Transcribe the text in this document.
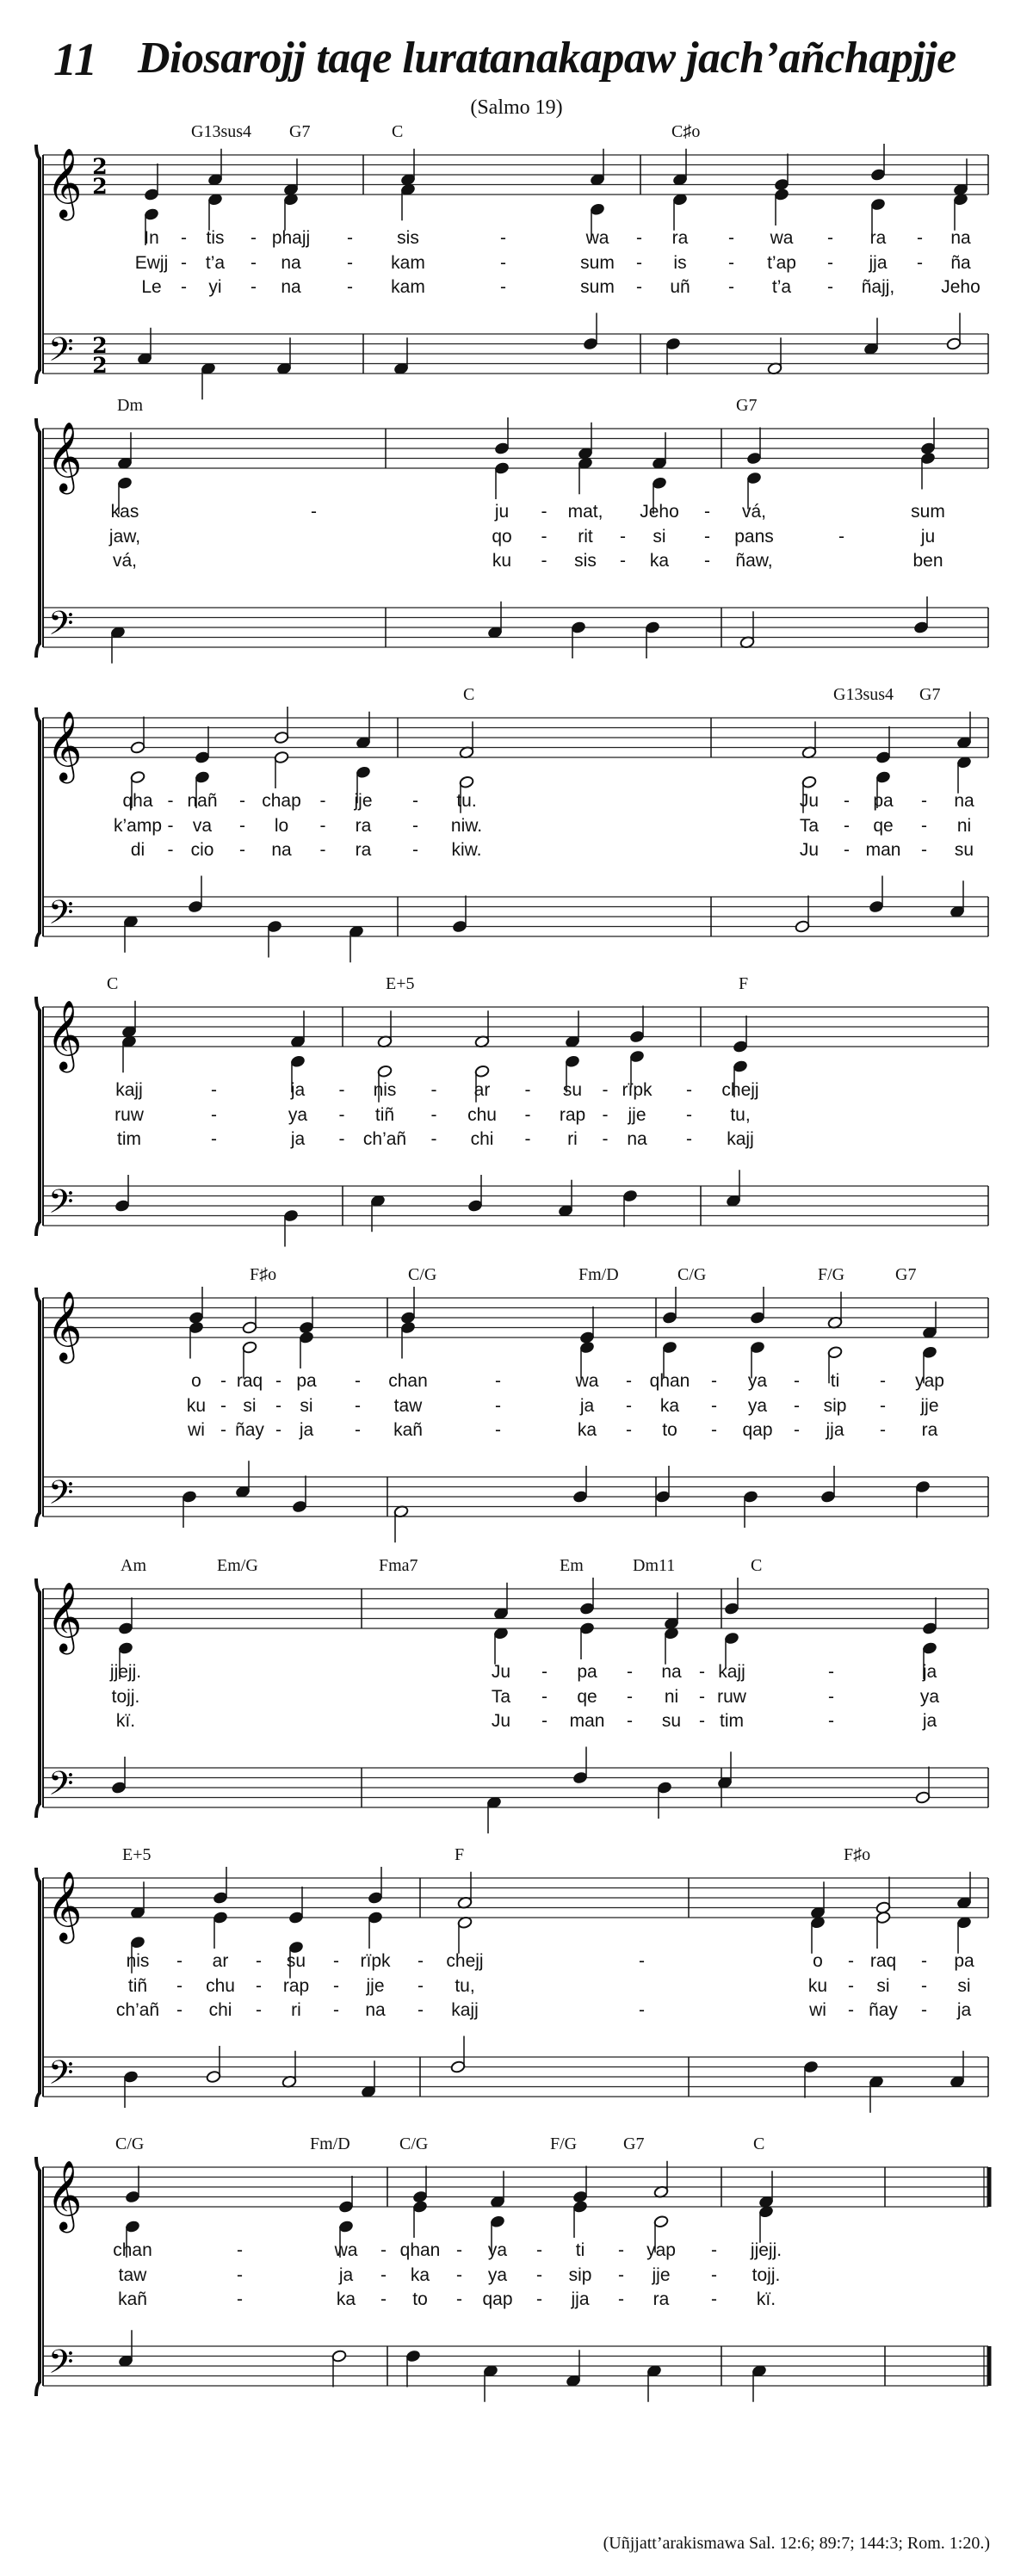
11 Diosarojj taqe luratanakapaw jach’añchapjje
(Salmo 19)
𝄞
𝄢
2
2
2
2
G13sus4 G7	C	C♯o
In - tis - phajj - sis	-	wa - ra - wa - ra - na
Ewjj - t’a - na	- kam	-	sum - is - t’ap - jja - ña
Le - yi - na	- kam	-	sum - uñ - t’a - ñajj,	Jeho
𝄞
𝄢
Dm	G7
kas	-	ju - mat, Jeho - vá,	sum
jaw,	qo - rit - si - pans	-	ju
vá,	ku - sis - ka - ñaw,	ben
𝄞
𝄢
C	G13sus4 G7
qha - nañ - chap - jje - tu.	Ju - pa - na
k’amp - va - lo - ra - niw.	Ta - qe - ni
di - cio - na - ra - kiw.	Ju - man - su
𝄞
𝄢
C	E+5	F
kajj	-	ja - nis - ar - su - rïpk - chejj
ruw	-	ya - tiñ - chu - rap - jje - tu,
tim	-	ja - ch’añ - chi - ri - na - kajj
𝄞
𝄢
F♯o	C/G	Fm/D	C/G	F/G	G7
o - raq - pa - chan	-	wa - qhan - ya - ti - yap
ku - si - si - taw	-	ja - ka - ya - sip - jje
wi - ñay - ja - kañ	-	ka - to - qap - jja - ra
𝄞
𝄢
Am	Em/G	Fma7	Em	Dm11	C
jjejj.	Ju - pa - na - kajj	-	ja
tojj.	Ta - qe - ni - ruw	-	ya
kï.	Ju - man - su - tim	-	ja
𝄞
𝄢
E+5	F	F♯o
nis - ar - su - rïpk - chejj	-	o - raq - pa
tiñ - chu - rap - jje - tu,	ku - si - si
ch’añ - chi - ri - na - kajj	-	wi - ñay - ja
𝄞
𝄢
C/G	Fm/D	C/G	F/G	G7	C
chan	-	wa - qhan - ya - ti - yap - jjejj.
taw	-	ja - ka - ya - sip - jje - tojj.
kañ	-	ka - to - qap - jja - ra - kï.
(Uñjjatt’arakismawa Sal. 12:6; 89:7; 144:3; Rom. 1:20.)
